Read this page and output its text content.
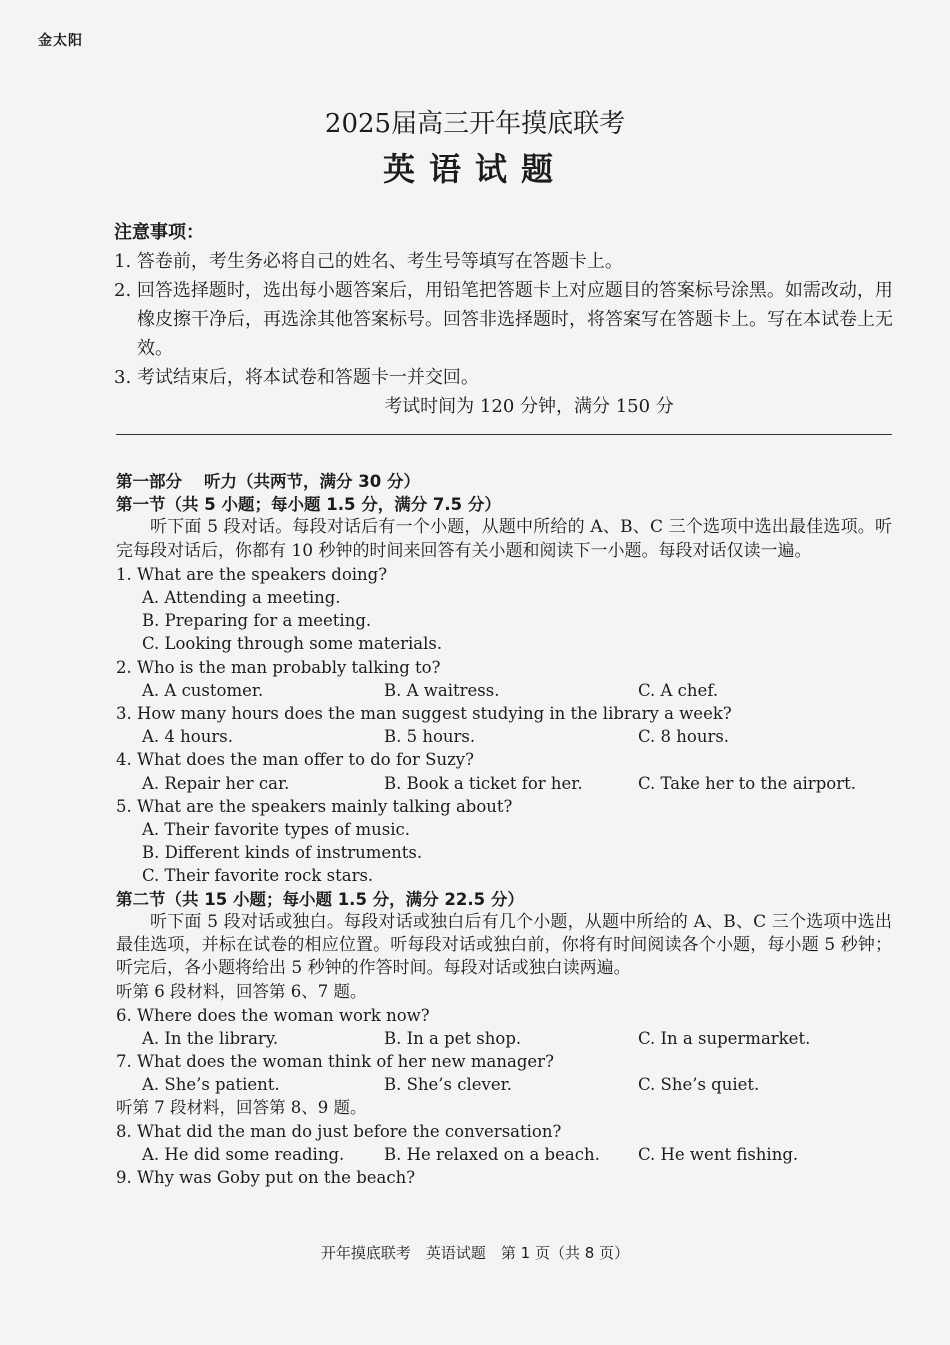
金太阳
2025届高三开年摸底联考
英语试题
注意事项：
1. 答卷前，考生务必将自己的姓名、考生号等填写在答题卡上。
2. 回答选择题时，选出每小题答案后，用铅笔把答题卡上对应题目的答案标号涂黑。如需改动，用橡皮擦干净后，再选涂其他答案标号。回答非选择题时，将答案写在答题卡上。写在本试卷上无效。
3. 考试结束后，将本试卷和答题卡一并交回。
考试时间为 120 分钟，满分 150 分
第一部分 听力（共两节，满分 30 分）
第一节（共 5 小题；每小题 1.5 分，满分 7.5 分）
听下面 5 段对话。每段对话后有一个小题，从题中所给的 A、B、C 三个选项中选出最佳选项。听完每段对话后，你都有 10 秒钟的时间来回答有关小题和阅读下一小题。每段对话仅读一遍。
1. What are the speakers doing?
A. Attending a meeting.
B. Preparing for a meeting.
C. Looking through some materials.
2. Who is the man probably talking to?
A. A customer.	B. A waitress.	C. A chef.
3. How many hours does the man suggest studying in the library a week?
A. 4 hours.	B. 5 hours.	C. 8 hours.
4. What does the man offer to do for Suzy?
A. Repair her car.	B. Book a ticket for her.	C. Take her to the airport.
5. What are the speakers mainly talking about?
A. Their favorite types of music.
B. Different kinds of instruments.
C. Their favorite rock stars.
第二节（共 15 小题；每小题 1.5 分，满分 22.5 分）
听下面 5 段对话或独白。每段对话或独白后有几个小题，从题中所给的 A、B、C 三个选项中选出最佳选项，并标在试卷的相应位置。听每段对话或独白前，你将有时间阅读各个小题，每小题 5 秒钟；听完后，各小题将给出 5 秒钟的作答时间。每段对话或独白读两遍。
听第 6 段材料，回答第 6、7 题。
6. Where does the woman work now?
A. In the library.	B. In a pet shop.	C. In a supermarket.
7. What does the woman think of her new manager?
A. She’s patient.	B. She’s clever.	C. She’s quiet.
听第 7 段材料，回答第 8、9 题。
8. What did the man do just before the conversation?
A. He did some reading.	B. He relaxed on a beach.	C. He went fishing.
9. Why was Goby put on the beach?
开年摸底联考　英语试题　第 1 页（共 8 页）
